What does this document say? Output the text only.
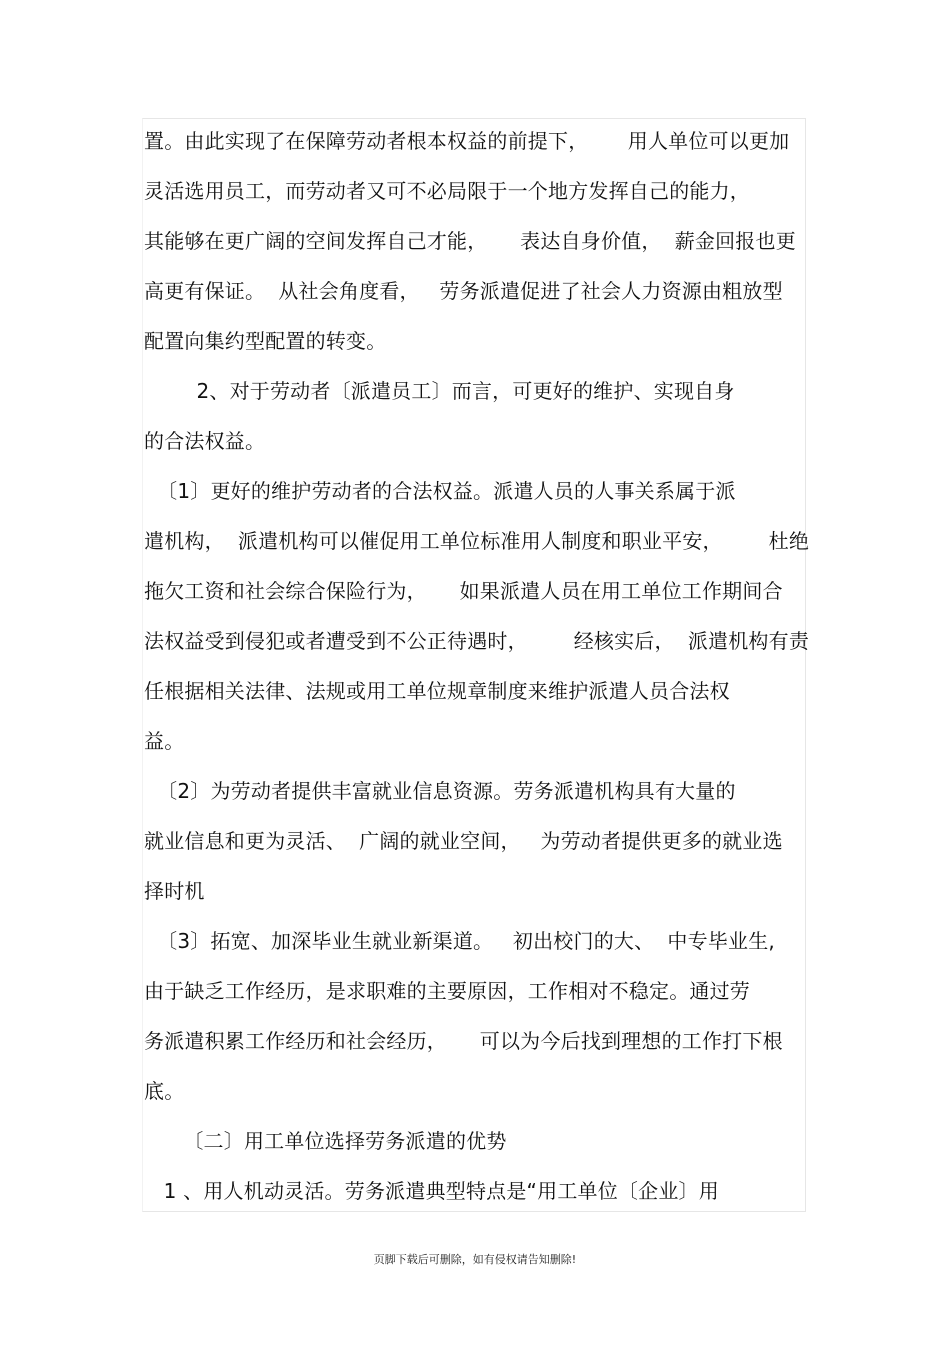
置。由此实现了在保障劳动者根本权益的前提下，      用人单位可以更加
灵活选用员工，而劳动者又可不必局限于一个地方发挥自己的能力，
其能够在更广阔的空间发挥自己才能，     表达自身价值，  薪金回报也更
高更有保证。  从社会角度看，   劳务派遣促进了社会人力资源由粗放型
配置向集约型配置的转变。
2、对于劳动者〔派遣员工〕而言，可更好的维护、实现自身
的合法权益。
〔1〕更好的维护劳动者的合法权益。派遣人员的人事关系属于派
遣机构，  派遣机构可以催促用工单位标准用人制度和职业平安，       杜绝
拖欠工资和社会综合保险行为，     如果派遣人员在用工单位工作期间合
法权益受到侵犯或者遭受到不公正待遇时，       经核实后，  派遣机构有责
任根据相关法律、法规或用工单位规章制度来维护派遣人员合法权
益。
〔2〕为劳动者提供丰富就业信息资源。劳务派遣机构具有大量的
就业信息和更为灵活、  广阔的就业空间，   为劳动者提供更多的就业选
择时机
〔3〕拓宽、加深毕业生就业新渠道。   初出校门的大、  中专毕业生,
由于缺乏工作经历，是求职难的主要原因，工作相对不稳定。通过劳
务派遣积累工作经历和社会经历，     可以为今后找到理想的工作打下根
底。
〔二〕用工单位选择劳务派遣的优势
1 、用人机动灵活。劳务派遣典型特点是“用工单位〔企业〕用
页脚下载后可删除，如有侵权请告知删除!
